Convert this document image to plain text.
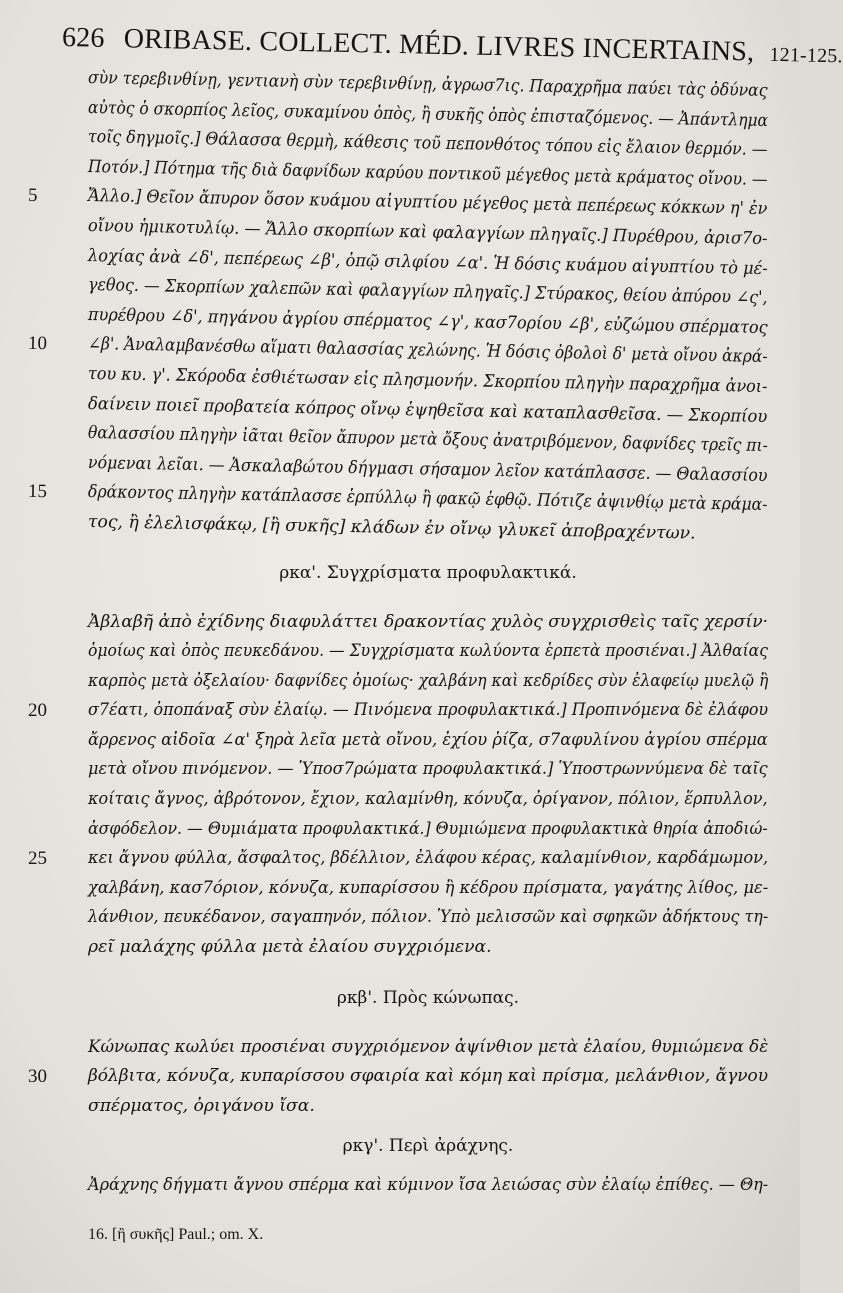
626 ORIBASE. COLLECT. MÉD. LIVRES INCERTAINS, 121-125.
σὺν τερεβινθίνῃ, γεντιανὴ σὺν τερεβινθίνῃ, ἀγρωσ7ις. Παραχρῆμα παύει τὰς ὀδύνας
αὐτὸς ὁ σκορπίος λεῖος, συκαμίνου ὀπὸς, ἢ συκῆς ὀπὸς ἐπισταζόμενος. — Ἀπάντλημα
τοῖς δηγμοῖς.] Θάλασσα θερμὴ, κάθεσις τοῦ πεπονθότος τόπου εἰς ἔλαιον θερμόν. —
Ποτόν.] Πότημα τῆς διὰ δαφνίδων καρύου ποντικοῦ μέγεθος μετὰ κράματος οἴνου. —
5	Ἄλλο.] Θεῖον ἄπυρον ὅσον κυάμου αἰγυπτίου μέγεθος μετὰ πεπέρεως κόκκων η' ἐν
οἴνου ἡμικοτυλίῳ. — Ἄλλο σκορπίων καὶ φαλαγγίων πληγαῖς.] Πυρέθρου, ἀρισ7ο-
λοχίας ἀνὰ ∠δ', πεπέρεως ∠β', ὀπῷ σιλφίου ∠α'. Ἡ δόσις κυάμου αἰγυπτίου τὸ μέ-
γεθος. — Σκορπίων χαλεπῶν καὶ φαλαγγίων πληγαῖς.] Στύρακος, θείου ἀπύρου ∠ς',
πυρέθρου ∠δ', πηγάνου ἀγρίου σπέρματος ∠γ', κασ7ορίου ∠β', εὐζώμου σπέρματος
10	∠β'. Ἀναλαμβανέσθω αἵματι θαλασσίας χελώνης. Ἡ δόσις ὀβολοὶ δ' μετὰ οἴνου ἀκρά-
του κυ. γ'. Σκόροδα ἐσθιέτωσαν εἰς πλησμονήν. Σκορπίου πληγὴν παραχρῆμα ἀνοι-
δαίνειν ποιεῖ προβατεία κόπρος οἴνῳ ἑψηθεῖσα καὶ καταπλασθεῖσα. — Σκορπίου
θαλασσίου πληγὴν ἰᾶται θεῖον ἄπυρον μετὰ ὄξους ἀνατριβόμενον, δαφνίδες τρεῖς πι-
νόμεναι λεῖαι. — Ἀσκαλαβώτου δήγμασι σήσαμον λεῖον κατάπλασσε. — Θαλασσίου
15	δράκοντος πληγὴν κατάπλασσε ἑρπύλλῳ ἢ φακῷ ἑφθῷ. Πότιζε ἀψινθίῳ μετὰ κράμα-
τος, ἢ ἐλελισφάκῳ, [ἢ συκῆς] κλάδων ἐν οἴνῳ γλυκεῖ ἀποβραχέντων.
ρκα'. Συγχρίσματα προφυλακτικά.
Ἀβλαβῆ ἀπὸ ἐχίδνης διαφυλάττει δρακοντίας χυλὸς συγχρισθεὶς ταῖς χερσίν·
ὁμοίως καὶ ὀπὸς πευκεδάνου. — Συγχρίσματα κωλύοντα ἑρπετὰ προσιέναι.] Ἀλθαίας
καρπὸς μετὰ ὀξελαίου· δαφνίδες ὁμοίως· χαλβάνη καὶ κεδρίδες σὺν ἐλαφείῳ μυελῷ ἢ
20	σ7έατι, ὀποπάναξ σὺν ἐλαίῳ. — Πινόμενα προφυλακτικά.] Προπινόμενα δὲ ἐλάφου
ἄρρενος αἰδοῖα ∠α' ξηρὰ λεῖα μετὰ οἴνου, ἐχίου ῥίζα, σ7αφυλίνου ἀγρίου σπέρμα
μετὰ οἴνου πινόμενον. — Ὑποσ7ρώματα προφυλακτικά.] Ὑποστρωννύμενα δὲ ταῖς
κοίταις ἄγνος, ἀβρότονον, ἔχιον, καλαμίνθη, κόνυζα, ὀρίγανον, πόλιον, ἕρπυλλον,
ἀσφόδελον. — Θυμιάματα προφυλακτικά.] Θυμιώμενα προφυλακτικὰ θηρία ἀποδιώ-
25	κει ἄγνου φύλλα, ἄσφαλτος, βδέλλιον, ἐλάφου κέρας, καλαμίνθιον, καρδάμωμον,
χαλβάνη, κασ7όριον, κόνυζα, κυπαρίσσου ἢ κέδρου πρίσματα, γαγάτης λίθος, με-
λάνθιον, πευκέδανον, σαγαπηνόν, πόλιον. Ὑπὸ μελισσῶν καὶ σφηκῶν ἀδήκτους τη-
ρεῖ μαλάχης φύλλα μετὰ ἐλαίου συγχριόμενα.
ρκβ'. Πρὸς κώνωπας.
Κώνωπας κωλύει προσιέναι συγχριόμενον ἀψίνθιον μετὰ ἐλαίου, θυμιώμενα δὲ
30	βόλβιτα, κόνυζα, κυπαρίσσου σφαιρία καὶ κόμη καὶ πρίσμα, μελάνθιον, ἄγνου
σπέρματος, ὀριγάνου ἴσα.
ρκγ'. Περὶ ἀράχνης.
Ἀράχνης δήγματι ἄγνου σπέρμα καὶ κύμινον ἴσα λειώσας σὺν ἐλαίῳ ἐπίθες. — Θη-
16. [ἢ συκῆς] Paul.; om. X.
